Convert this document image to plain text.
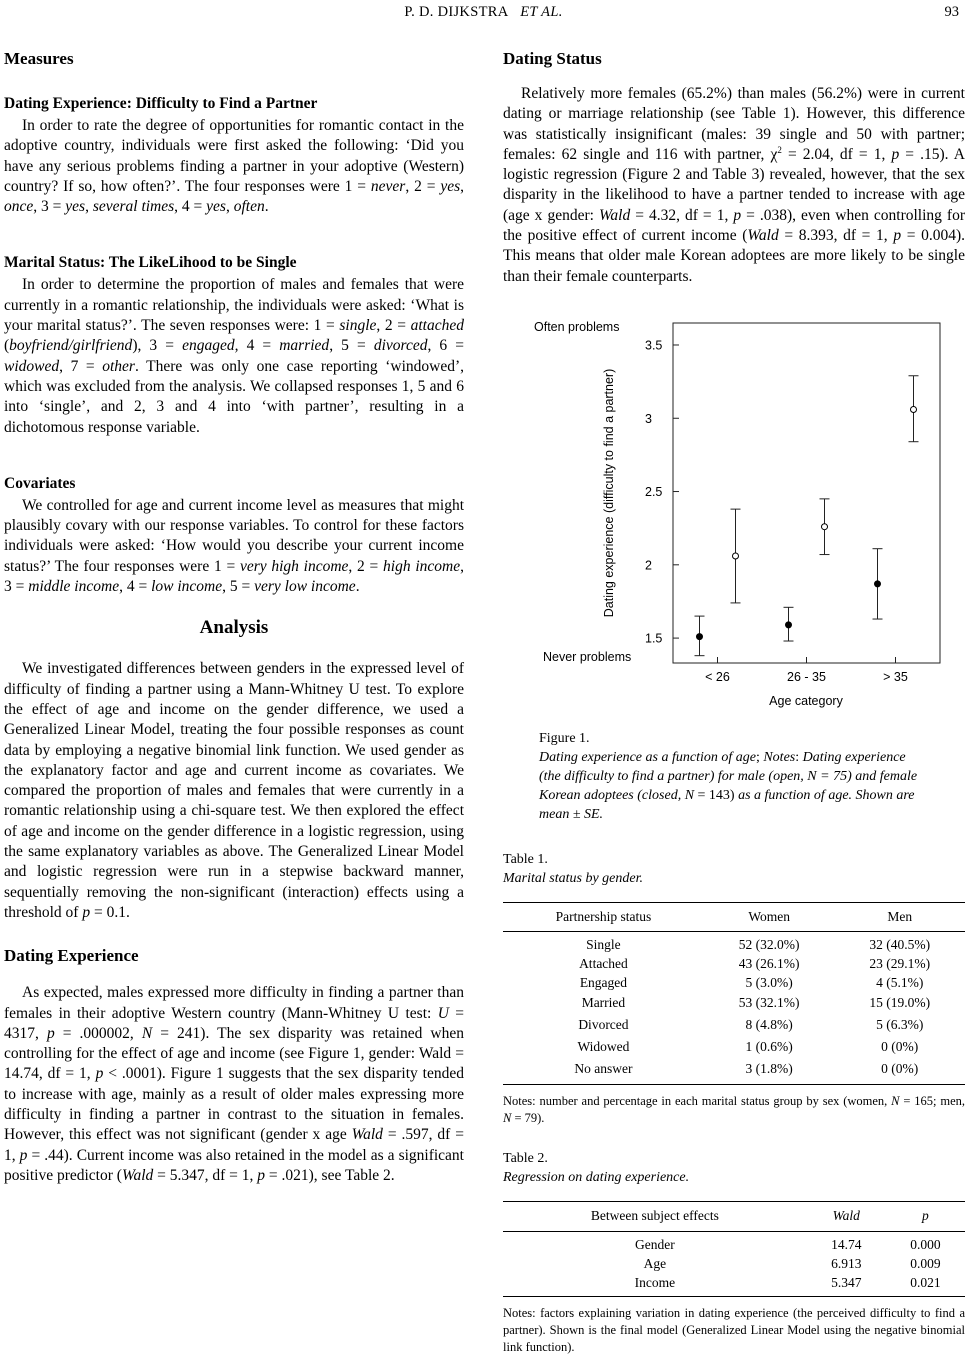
P. D. DIJKSTRA ET AL.	93
Measures
Dating Experience: Difficulty to Find a Partner

In order to rate the degree of opportunities for romantic contact in the adoptive country, individuals were first asked the following: ‘Did you have any serious problems finding a partner in your adoptive (Western) country? If so, how often?’. The four responses were 1 = never, 2 = yes, once, 3 = yes, several times, 4 = yes, often.

Marital Status: The LikeLihood to be Single

In order to determine the proportion of males and females that were currently in a romantic relationship, the individuals were asked: ‘What is your marital status?’. The seven responses were: 1 = single, 2 = attached (boyfriend/girlfriend), 3 = engaged, 4 = married, 5 = divorced, 6 = widowed, 7 = other. There was only one case reporting ‘windowed’, which was excluded from the analysis. We collapsed responses 1, 5 and 6 into ‘single’, and 2, 3 and 4 into ‘with partner’, resulting in a dichotomous response variable.

Covariates

We controlled for age and current income level as measures that might plausibly covary with our response variables. To control for these factors individuals were asked: ‘How would you describe your current income status?’ The four responses were 1 = very high income, 2 = high income, 3 = middle income, 4 = low income, 5 = very low income.

Analysis

We investigated differences between genders in the expressed level of difficulty of finding a partner using a Mann-Whitney U test. To explore the effect of age and income on the gender difference, we used a Generalized Linear Model, treating the four possible responses as count data by employing a negative binomial link function. We used gender as the explanatory factor and age and current income as covariates. We compared the proportion of males and females that were currently in a romantic relationship using a chi-square test. We then explored the effect of age and income on the gender difference in a logistic regression, using the same explanatory variables as above. The Generalized Linear Model and logistic regression were run in a stepwise backward manner, sequentially removing the non-significant (interaction) effects using a threshold of p = 0.1.

Dating Experience

As expected, males expressed more difficulty in finding a partner than females in their adoptive Western country (Mann-Whitney U test: U = 4317, p = .000002, N = 241). The sex disparity was retained when controlling for the effect of age and income (see Figure 1, gender: Wald = 14.74, df = 1, p < .0001). Figure 1 suggests that the sex disparity tended to increase with age, mainly as a result of older males expressing more difficulty in finding a partner in contrast to the situation in females. However, this effect was not significant (gender x age Wald = .597, df = 1, p = .44). Current income was also retained in the model as a significant positive predictor (Wald = 5.347, df = 1, p = .021), see Table 2.

Dating Status

Relatively more females (65.2%) than males (56.2%) were in current dating or marriage relationship (see Table 1). However, this difference was statistically insignificant (males: 39 single and 50 with partner; females: 62 single and 116 with partner, $\chi^2 = 2.04$, df = 1, p = .15). A logistic regression (Figure 2 and Table 3) revealed, however, that the sex disparity in the likelihood to have a partner tended to increase with age (age x gender: Wald = 4.32, df = 1, p = .038), even when controlling for the positive effect of current income (Wald = 8.393, df = 1, p = 0.004). This means that older male Korean adoptees are more likely to be single than their female counterparts.

1.5
2
2.5
3
3.5
< 26	26 - 35	> 35
Often problems
Never problems
Dating experience (difficulty to find a partner)
Age category
Figure 1.
Dating experience as a function of age; Notes: Dating experience (the difficulty to find a partner) for male (open, N = 75) and female Korean adoptees (closed, N = 143) as a function of age. Shown are mean ± SE.
Table 1.
Marital status by gender.
Partnership status	Women	Men
Single	52 (32.0%)	32 (40.5%)
Attached	43 (26.1%)	23 (29.1%)
Engaged	5 (3.0%)	4 (5.1%)
Married	53 (32.1%)	15 (19.0%)
Divorced	8 (4.8%)	5 (6.3%)
Widowed	1 (0.6%)	0 (0%)
No answer	3 (1.8%)	0 (0%)
Notes: number and percentage in each marital status group by sex (women, N = 165; men, N = 79).
Table 2.
Regression on dating experience.
Between subject effects	Wald	p
Gender	14.74	0.000
Age	6.913	0.009
Income	5.347	0.021
Notes: factors explaining variation in dating experience (the perceived difficulty to find a partner). Shown is the final model (Generalized Linear Model using the negative binomial link function).
